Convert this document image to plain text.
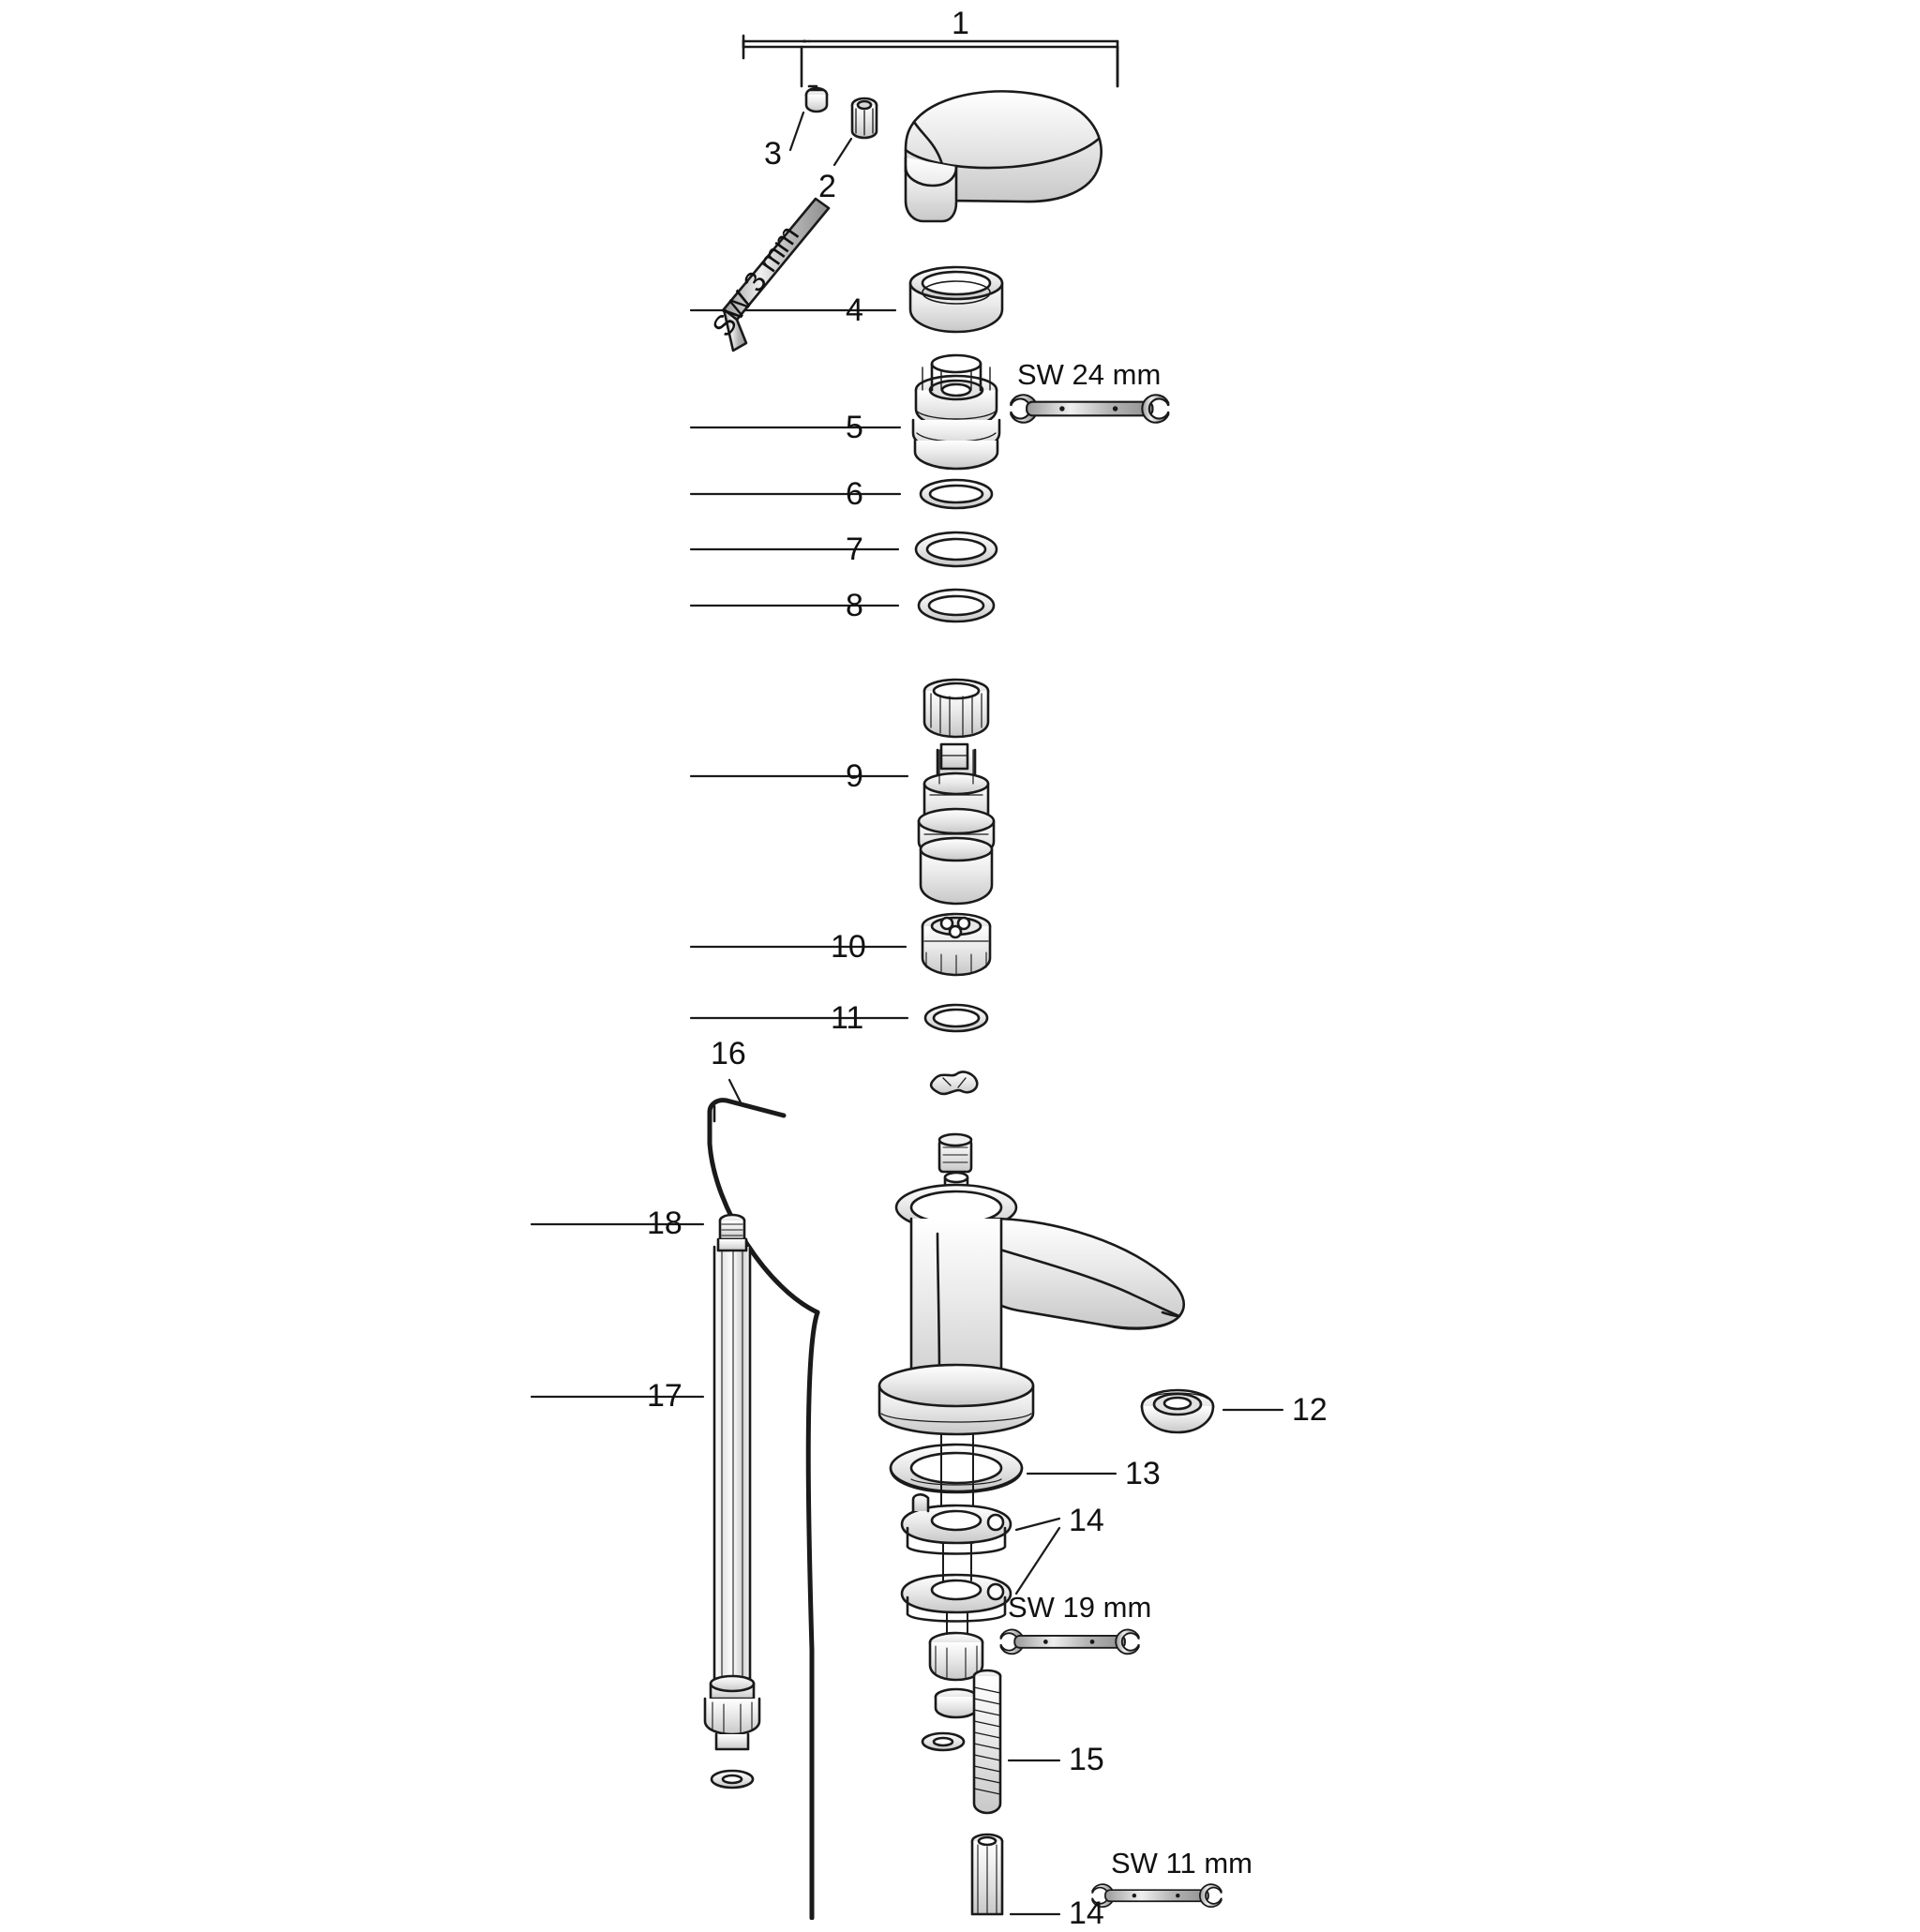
1
2
3
4
5
6
7
8
9
10
11
12
13
14
15
16
17
18
14
SW 3 mm
SW 24 mm
SW 19 mm
SW 11 mm
